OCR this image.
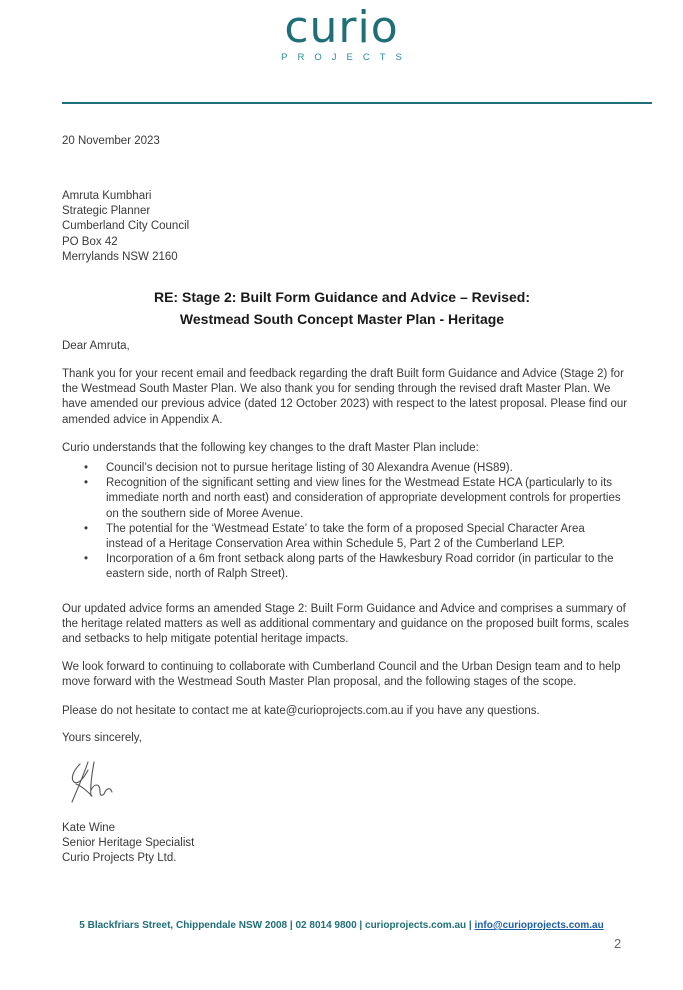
curio
PROJECTS
20 November 2023
Amruta Kumbhari
Strategic Planner
Cumberland City Council
PO Box 42
Merrylands NSW 2160
RE: Stage 2: Built Form Guidance and Advice – Revised:
Westmead South Concept Master Plan - Heritage
Dear Amruta,
Thank you for your recent email and feedback regarding the draft Built form Guidance and Advice (Stage 2) for the Westmead South Master Plan. We also thank you for sending through the revised draft Master Plan. We have amended our previous advice (dated 12 October 2023) with respect to the latest proposal. Please find our amended advice in Appendix A.
Curio understands that the following key changes to the draft Master Plan include:
• Council’s decision not to pursue heritage listing of 30 Alexandra Avenue (HS89).
• Recognition of the significant setting and view lines for the Westmead Estate HCA (particularly to its immediate north and north east) and consideration of appropriate development controls for properties on the southern side of Moree Avenue.
• The potential for the ‘Westmead Estate’ to take the form of a proposed Special Character Area instead of a Heritage Conservation Area within Schedule 5, Part 2 of the Cumberland LEP.
• Incorporation of a 6m front setback along parts of the Hawkesbury Road corridor (in particular to the eastern side, north of Ralph Street).
Our updated advice forms an amended Stage 2: Built Form Guidance and Advice and comprises a summary of the heritage related matters as well as additional commentary and guidance on the proposed built forms, scales and setbacks to help mitigate potential heritage impacts.
We look forward to continuing to collaborate with Cumberland Council and the Urban Design team and to help move forward with the Westmead South Master Plan proposal, and the following stages of the scope.
Please do not hesitate to contact me at kate@curioprojects.com.au if you have any questions.
Yours sincerely,
Kate Wine
Senior Heritage Specialist
Curio Projects Pty Ltd.
5 Blackfriars Street, Chippendale NSW 2008 | 02 8014 9800 | curioprojects.com.au | info@curioprojects.com.au
2
